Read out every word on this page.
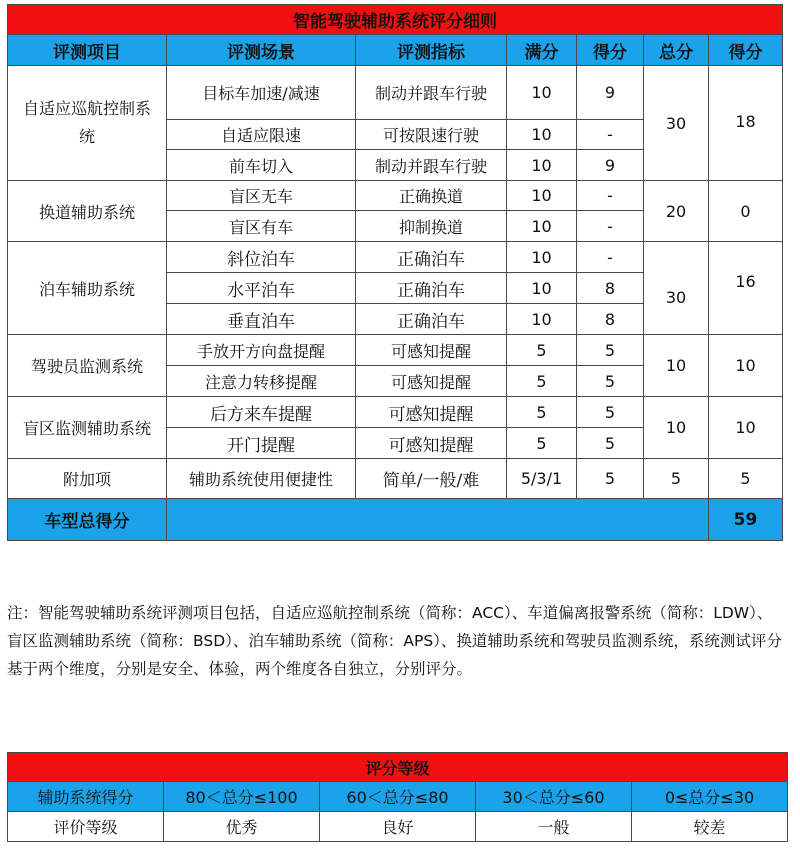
智能驾驶辅助系统评分细则						
评测项目	评测场景	评测指标	满分	得分	总分	得分
自适应巡航控制系统	目标车加速/减速	制动并跟车行驶	10	9	30	18
	自适应限速	可按限速行驶	10	-		
	前车切入	制动并跟车行驶	10	9		
换道辅助系统	盲区无车	正确换道	10	-	20	0
	盲区有车	抑制换道	10	-		
泊车辅助系统	斜位泊车	正确泊车	10	-	30	16
	水平泊车	正确泊车	10	8		
	垂直泊车	正确泊车	10	8		
驾驶员监测系统	手放开方向盘提醒	可感知提醒	5	5	10	10
	注意力转移提醒	可感知提醒	5	5		
盲区监测辅助系统	后方来车提醒	可感知提醒	5	5	10	10
	开门提醒	可感知提醒	5	5		
附加项	辅助系统使用便捷性	简单/一般/难	5/3/1	5	5	5
车型总得分						59

注：智能驾驶辅助系统评测项目包括，自适应巡航控制系统（简称：ACC）、车道偏离报警系统（简称：LDW）、盲区监测辅助系统（简称：BSD）、泊车辅助系统（简称：APS）、换道辅助系统和驾驶员监测系统，系统测试评分基于两个维度，分别是安全、体验，两个维度各自独立，分别评分。

评分等级				
辅助系统得分	80＜总分≤100	60＜总分≤80	30＜总分≤60	0≤总分≤30
评价等级	优秀	良好	一般	较差
